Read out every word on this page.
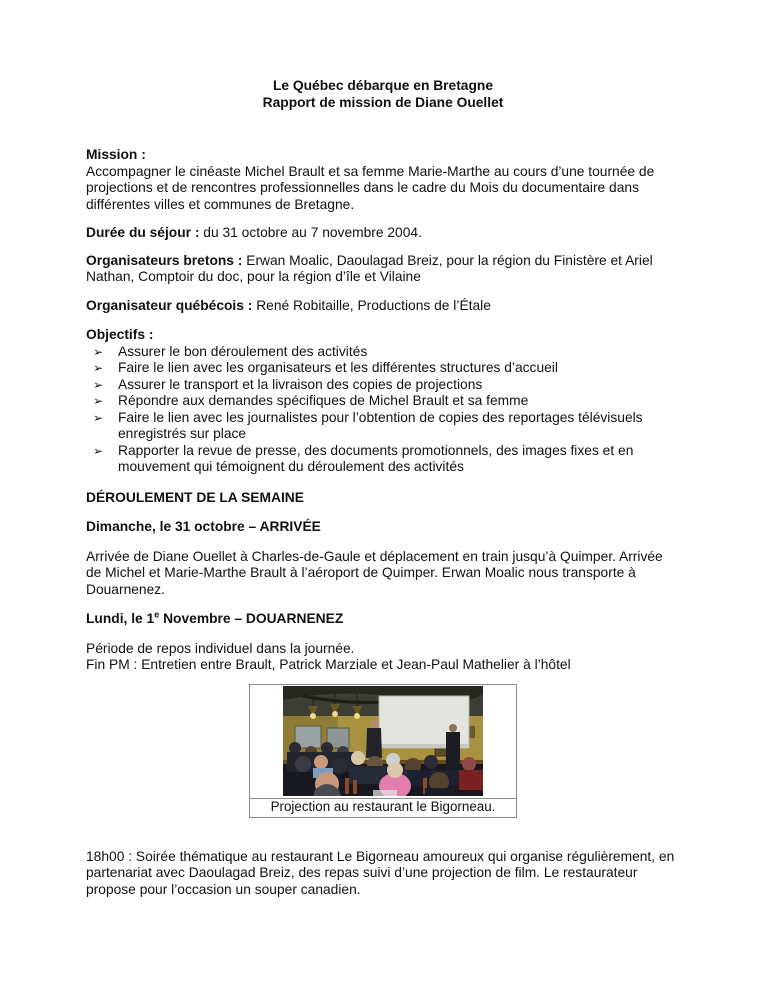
Le Québec débarque en Bretagne
Rapport de mission de Diane Ouellet

Mission :
Accompagner le cinéaste Michel Brault et sa femme Marie-Marthe au cours d’une tournée de projections et de rencontres professionnelles dans le cadre du Mois du documentaire dans différentes villes et communes de Bretagne.

Durée du séjour : du 31 octobre au 7 novembre 2004.

Organisateurs bretons : Erwan Moalic, Daoulagad Breiz, pour la région du Finistère et Ariel Nathan, Comptoir du doc, pour la région d’île et Vilaine

Organisateur québécois : René Robitaille, Productions de l’Étale

Objectifs :

➢ Assurer le bon déroulement des activités
➢ Faire le lien avec les organisateurs et les différentes structures d’accueil
➢ Assurer le transport et la livraison des copies de projections
➢ Répondre aux demandes spécifiques de Michel Brault et sa femme
➢ Faire le lien avec les journalistes pour l’obtention de copies des reportages télévisuels enregistrés sur place
➢ Rapporter la revue de presse, des documents promotionnels, des images fixes et en mouvement qui témoignent du déroulement des activités

DÉROULEMENT DE LA SEMAINE

Dimanche, le 31 octobre – ARRIVÉE

Arrivée de Diane Ouellet à Charles-de-Gaule et déplacement en train jusqu’à Quimper. Arrivée de Michel et Marie-Marthe Brault à l’aéroport de Quimper. Erwan Moalic nous transporte à Douarnenez.

Lundi, le 1e Novembre – DOUARNENEZ

Période de repos individuel dans la journée.
Fin PM : Entretien entre Brault, Patrick Marziale et Jean-Paul Mathelier à l’hôtel

Projection au restaurant le Bigorneau.

18h00 : Soirée thématique au restaurant Le Bigorneau amoureux qui organise régulièrement, en partenariat avec Daoulagad Breiz, des repas suivi d’une projection de film. Le restaurateur propose pour l’occasion un souper canadien.
